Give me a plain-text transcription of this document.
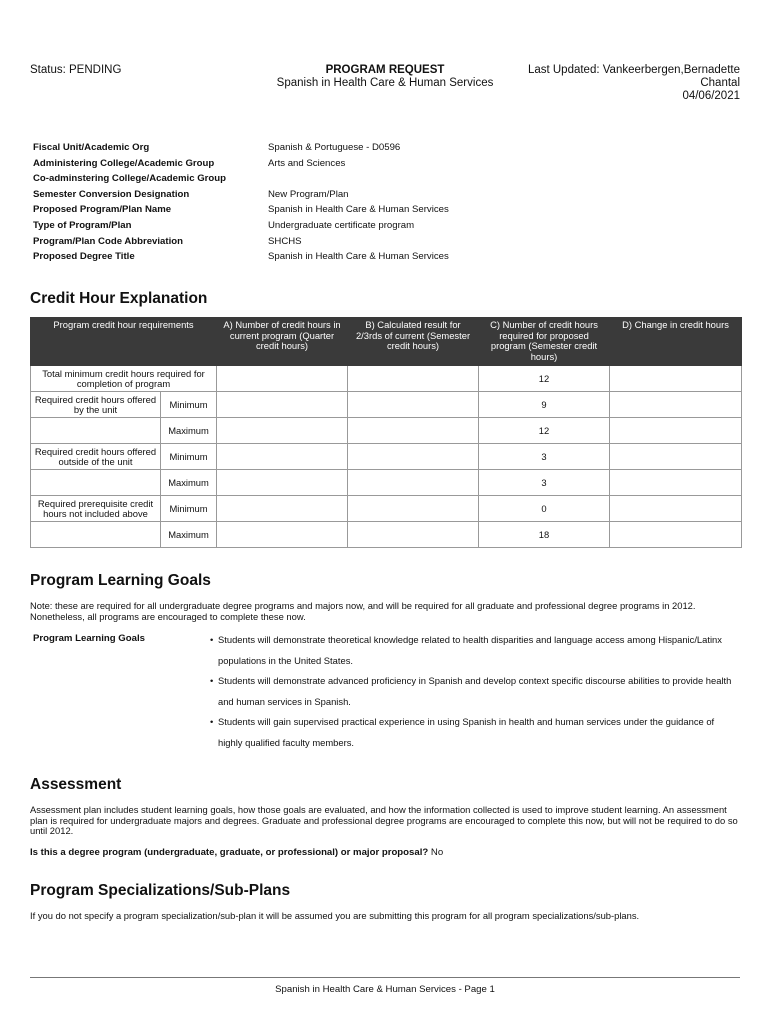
Status: PENDING	PROGRAM REQUEST
Spanish in Health Care & Human Services
Last Updated: Vankeerbergen,Bernadette
Chantal
04/06/2021
Fiscal Unit/Academic Org	Spanish & Portuguese - D0596
Administering College/Academic Group	Arts and Sciences
Co-adminstering College/Academic Group
Semester Conversion Designation	New Program/Plan
Proposed Program/Plan Name	Spanish in Health Care & Human Services
Type of Program/Plan	Undergraduate certificate program
Program/Plan Code Abbreviation	SHCHS
Proposed Degree Title	Spanish in Health Care & Human Services
Credit Hour Explanation
Program credit hour requirements		A) Number of credit hours in current program (Quarter credit hours)	B) Calculated result for 2/3rds of current (Semester credit hours)	C) Number of credit hours required for proposed program (Semester credit hours)	D) Change in credit hours
Total minimum credit hours required for completion of program				12	
Required credit hours offered by the unit	Minimum			9	
	Maximum			12	
Required credit hours offered outside of the unit	Minimum			3	
	Maximum			3	
Required prerequisite credit hours not included above	Minimum			0	
	Maximum			18	
Program Learning Goals
Note: these are required for all undergraduate degree programs and majors now, and will be required for all graduate and professional degree programs in 2012. Nonetheless, all programs are encouraged to complete these now.
Program Learning Goals	• Students will demonstrate theoretical knowledge related to health disparities and language access among Hispanic/Latinx populations in the United States.
• Students will demonstrate advanced proficiency in Spanish and develop context specific discourse abilities to provide health and human services in Spanish.
• Students will gain supervised practical experience in using Spanish in health and human services under the guidance of highly qualified faculty members.
Assessment
Assessment plan includes student learning goals, how those goals are evaluated, and how the information collected is used to improve student learning. An assessment plan is required for undergraduate majors and degrees. Graduate and professional degree programs are encouraged to complete this now, but will not be required to do so until 2012.
Is this a degree program (undergraduate, graduate, or professional) or major proposal? No
Program Specializations/Sub-Plans
If you do not specify a program specialization/sub-plan it will be assumed you are submitting this program for all program specializations/sub-plans.
Spanish in Health Care & Human Services - Page 1
